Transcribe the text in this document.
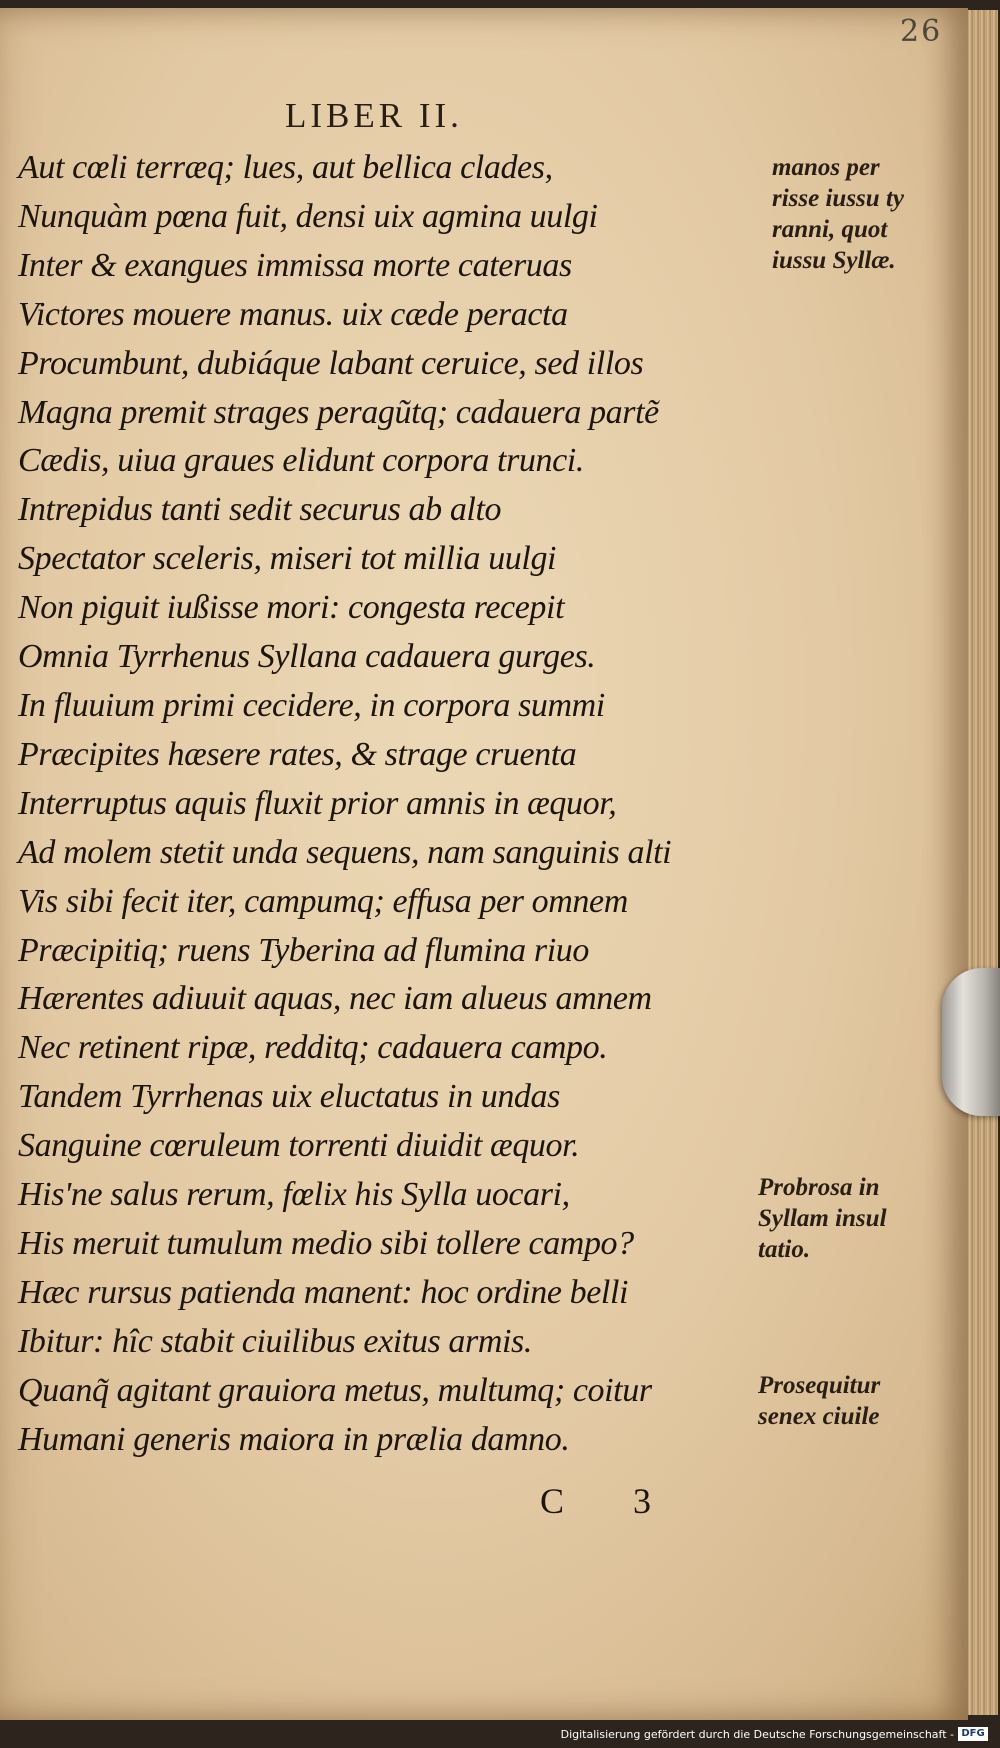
26
LIBER II.
Aut cœli terræq; lues, aut bellica clades,
Nunquàm pœna fuit, densi uix agmina uulgi
Inter & exangues immissa morte cateruas
Victores mouere manus. uix cæde peracta
Procumbunt, dubiáque labant ceruice, sed illos
Magna premit strages peragũtq; cadauera partẽ
Cædis, uiua graues elidunt corpora trunci.
Intrepidus tanti sedit securus ab alto
Spectator sceleris, miseri tot millia uulgi
Non piguit iußisse mori: congesta recepit
Omnia Tyrrhenus Syllana cadauera gurges.
In fluuium primi cecidere, in corpora summi
Præcipites hæsere rates, & strage cruenta
Interruptus aquis fluxit prior amnis in æquor,
Ad molem stetit unda sequens, nam sanguinis alti
Vis sibi fecit iter, campumq; effusa per omnem
Præcipitiq; ruens Tyberina ad flumina riuo
Hærentes adiuuit aquas, nec iam alueus amnem
Nec retinent ripæ, redditq; cadauera campo.
Tandem Tyrrhenas uix eluctatus in undas
Sanguine cœruleum torrenti diuidit æquor.
His'ne salus rerum, fœlix his Sylla uocari,
His meruit tumulum medio sibi tollere campo?
Hæc rursus patienda manent: hoc ordine belli
Ibitur: hîc stabit ciuilibus exitus armis.
Quanq̃ agitant grauiora metus, multumq; coitur
Humani generis maiora in prælia damno.
manos per
risse iussu ty
ranni, quot
iussu Syllæ.
Probrosa in
Syllam insul
tatio.
Prosequitur
senex ciuile
C 3
Digitalisierung gefördert durch die Deutsche Forschungsgemeinschaft - DFG
